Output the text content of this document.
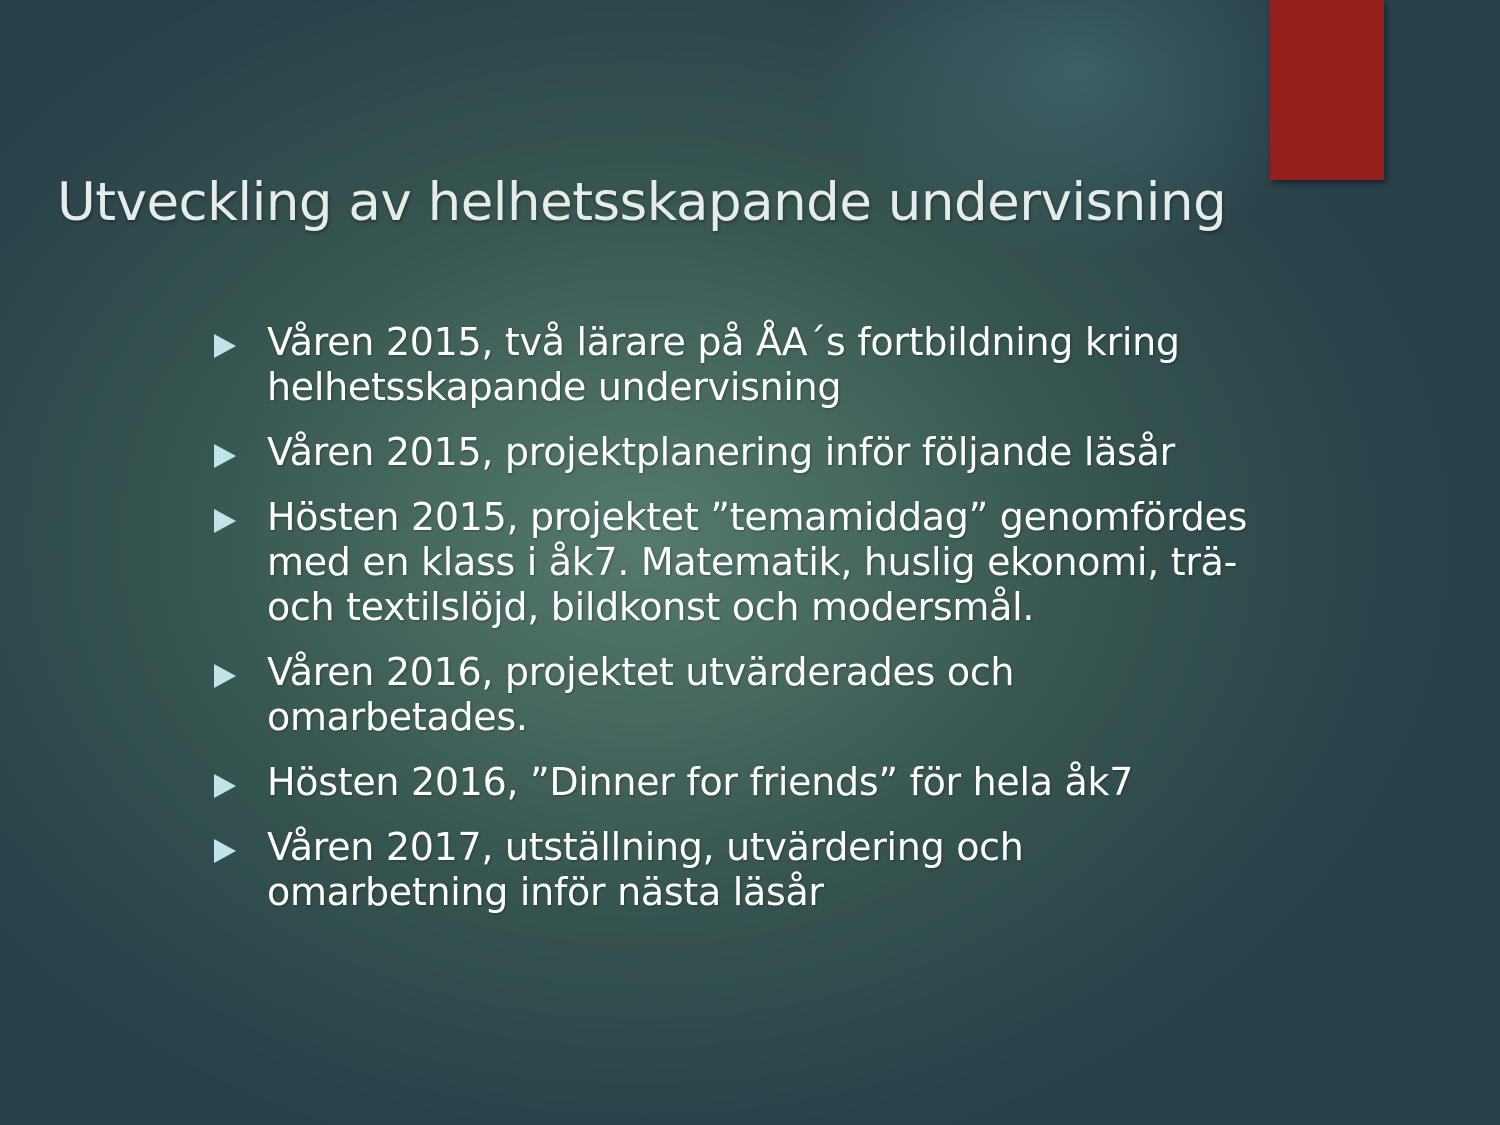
Utveckling av helhetsskapande undervisning
Våren 2015, två lärare på ÅA´s fortbildning kring helhetsskapande undervisning
Våren 2015, projektplanering inför följande läsår
Hösten 2015, projektet ”temamiddag” genomfördes med en klass i åk7. Matematik, huslig ekonomi, trä- och textilslöjd, bildkonst och modersmål.
Våren 2016, projektet utvärderades och omarbetades.
Hösten 2016, ”Dinner for friends” för hela åk7
Våren 2017, utställning, utvärdering och omarbetning inför nästa läsår
